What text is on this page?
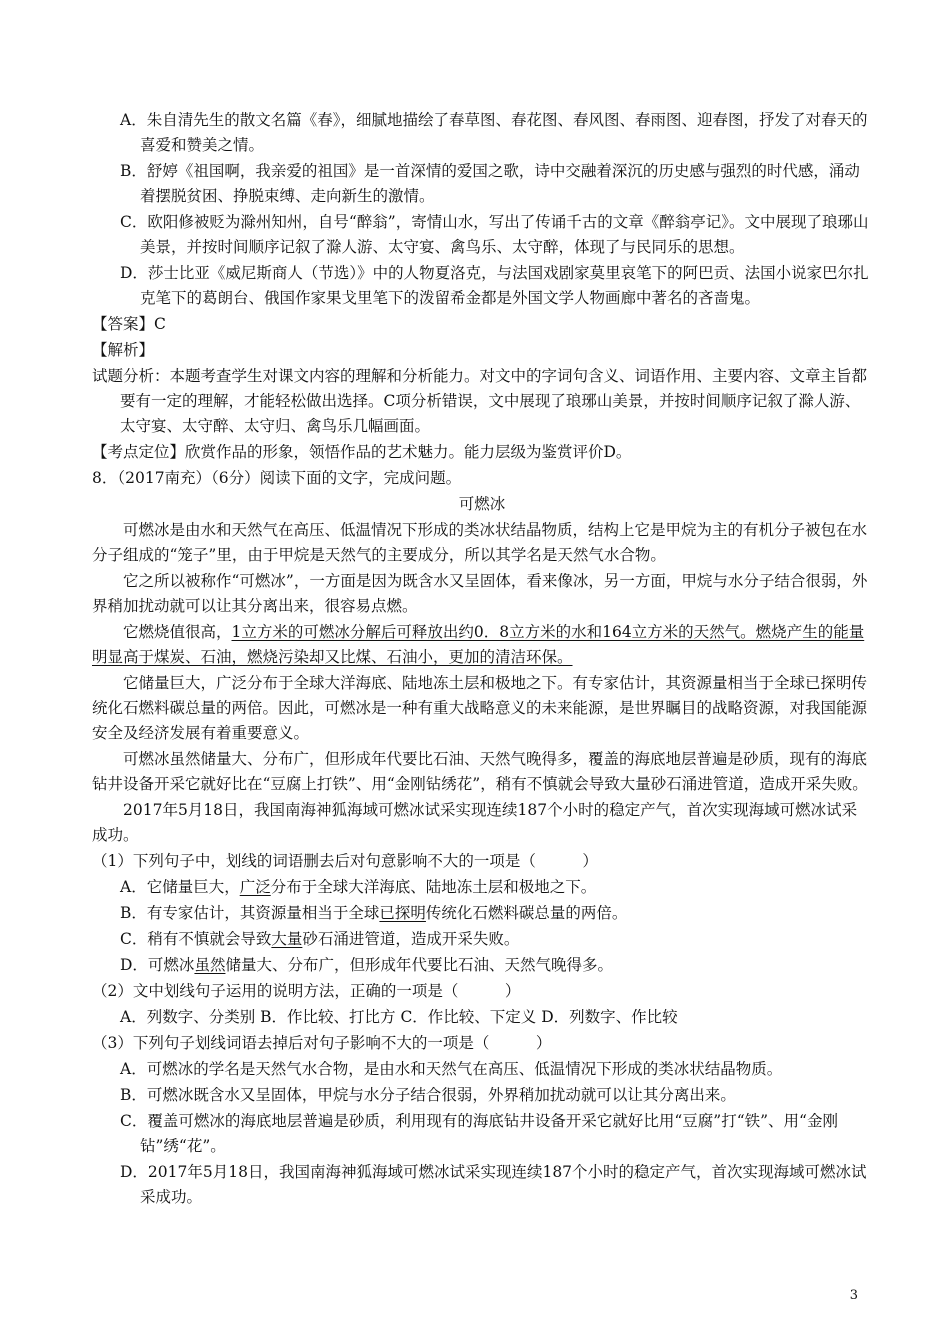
A．朱自清先生的散文名篇《春》，细腻地描绘了春草图、春花图、春风图、春雨图、迎春图，抒发了对春天的喜爱和赞美之情。

B．舒婷《祖国啊，我亲爱的祖国》是一首深情的爱国之歌，诗中交融着深沉的历史感与强烈的时代感，涌动着摆脱贫困、挣脱束缚、走向新生的激情。

C．欧阳修被贬为滁州知州，自号“醉翁”，寄情山水，写出了传诵千古的文章《醉翁亭记》。文中展现了琅琊山美景，并按时间顺序记叙了滁人游、太守宴、禽鸟乐、太守醉，体现了与民同乐的思想。

D．莎士比亚《威尼斯商人（节选）》中的人物夏洛克，与法国戏剧家莫里哀笔下的阿巴贡、法国小说家巴尔扎克笔下的葛朗台、俄国作家果戈里笔下的泼留希金都是外国文学人物画廊中著名的吝啬鬼。

【答案】C

【解析】

试题分析：本题考查学生对课文内容的理解和分析能力。对文中的字词句含义、词语作用、主要内容、文章主旨都要有一定的理解，才能轻松做出选择。C项分析错误，文中展现了琅琊山美景，并按时间顺序记叙了滁人游、太守宴、太守醉、太守归、禽鸟乐几幅画面。

【考点定位】欣赏作品的形象，领悟作品的艺术魅力。能力层级为鉴赏评价D。

8．（2017南充）（6分）阅读下面的文字，完成问题。

可燃冰

可燃冰是由水和天然气在高压、低温情况下形成的类冰状结晶物质，结构上它是甲烷为主的有机分子被包在水分子组成的“笼子”里，由于甲烷是天然气的主要成分，所以其学名是天然气水合物。

它之所以被称作“可燃冰”，一方面是因为既含水又呈固体，看来像冰，另一方面，甲烷与水分子结合很弱，外界稍加扰动就可以让其分离出来，很容易点燃。

它燃烧值很高，1立方米的可燃冰分解后可释放出约0．8立方米的水和164立方米的天然气。燃烧产生的能量明显高于煤炭、石油，燃烧污染却又比煤、石油小，更加的清洁环保。

它储量巨大，广泛分布于全球大洋海底、陆地冻土层和极地之下。有专家估计，其资源量相当于全球已探明传统化石燃料碳总量的两倍。因此，可燃冰是一种有重大战略意义的未来能源，是世界瞩目的战略资源，对我国能源安全及经济发展有着重要意义。

可燃冰虽然储量大、分布广，但形成年代要比石油、天然气晚得多，覆盖的海底地层普遍是砂质，现有的海底钻井设备开采它就好比在“豆腐上打铁”、用“金刚钻绣花”，稍有不慎就会导致大量砂石涌进管道，造成开采失败。

2017年5月18日，我国南海神狐海域可燃冰试采实现连续187个小时的稳定产气，首次实现海域可燃冰试采成功。

（1）下列句子中，划线的词语删去后对句意影响不大的一项是（　　　）

A．它储量巨大，广泛分布于全球大洋海底、陆地冻土层和极地之下。

B．有专家估计，其资源量相当于全球已探明传统化石燃料碳总量的两倍。

C．稍有不慎就会导致大量砂石涌进管道，造成开采失败。

D．可燃冰虽然储量大、分布广，但形成年代要比石油、天然气晚得多。

（2）文中划线句子运用的说明方法，正确的一项是（　　　）

A．列数字、分类别 B．作比较、打比方 C．作比较、下定义 D．列数字、作比较

（3）下列句子划线词语去掉后对句子影响不大的一项是（　　　）

A．可燃冰的学名是天然气水合物，是由水和天然气在高压、低温情况下形成的类冰状结晶物质。

B．可燃冰既含水又呈固体，甲烷与水分子结合很弱，外界稍加扰动就可以让其分离出来。

C．覆盖可燃冰的海底地层普遍是砂质，利用现有的海底钻井设备开采它就好比用“豆腐”打“铁”、用“金刚钻”绣“花”。

D．2017年5月18日，我国南海神狐海域可燃冰试采实现连续187个小时的稳定产气，首次实现海域可燃冰试采成功。

3
